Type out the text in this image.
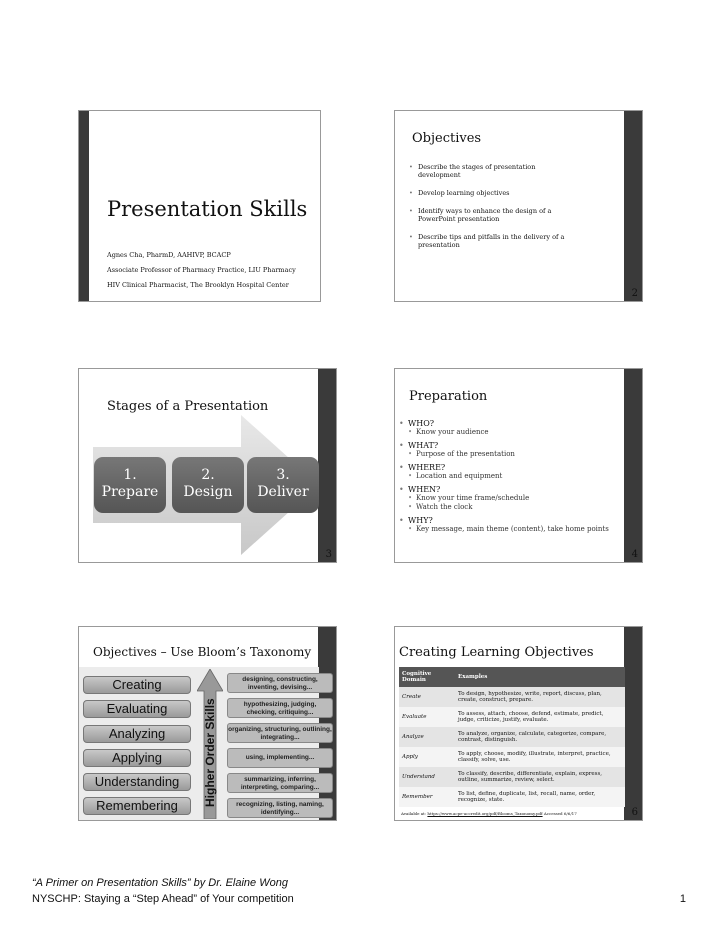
Presentation Skills
Agnes Cha, PharmD, AAHIVP, BCACP
Associate Professor of Pharmacy Practice, LIU Pharmacy
HIV Clinical Pharmacist, The Brooklyn Hospital Center
Objectives
• Describe the stages of presentation development
• Develop learning objectives
• Identify ways to enhance the design of a PowerPoint presentation
• Describe tips and pitfalls in the delivery of a presentation
2
Stages of a Presentation
1.
Prepare
2.
Design
3.
Deliver
3
Preparation
• WHO?
• Know your audience
• WHAT?
• Purpose of the presentation
• WHERE?
• Location and equipment
• WHEN?
• Know your time frame/schedule
• Watch the clock
• WHY?
• Key message, main theme (content), take home points
4
Objectives – Use Bloom’s Taxonomy
Creating
Evaluating
Analyzing
Applying
Understanding
Remembering	Higher Order Skills
designing, constructing, inventing, devising...
hypothesizing, judging, checking, critiquing...
organizing, structuring, outlining, integrating...
using, implementing...
summarizing, inferring, interpreting, comparing...
recognizing, listing, naming, identifying...
Creating Learning Objectives
Cognitive Domain	Examples
Create	To design, hypothesize, write, report, discuss, plan, create, construct, prepare.
Evaluate	To assess, attach, choose, defend, estimate, predict, judge, criticize, justify, evaluate.
Analyze	To analyze, organize, calculate, categorize, compare, contrast, distinguish.
Apply	To apply, choose, modify, illustrate, interpret, practice, classify, solve, use.
Understand	To classify, describe, differentiate, explain, express, outline, summarize, review, select.
Remember	To list, define, duplicate, list, recall, name, order, recognize, state.
Available at: https://www.acpe-accredit.org/pdf/Blooms_Taxonomy.pdf Accessed 6/6/17	6
“A Primer on Presentation Skills” by Dr. Elaine Wong
NYSCHP: Staying a “Step Ahead” of Your competition	1
